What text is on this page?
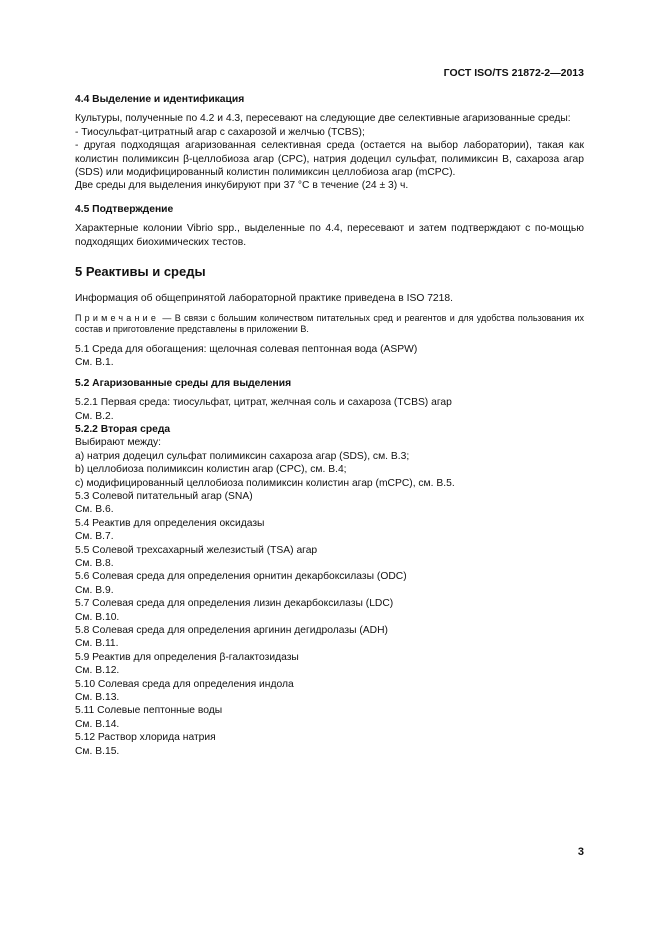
ГОСТ ISO/TS 21872-2—2013
4.4 Выделение и идентификация
Культуры, полученные по 4.2 и 4.3, пересевают на следующие две селективные агаризованные среды:
- Тиосульфат-цитратный агар с сахарозой и желчью (TCBS);
- другая подходящая агаризованная селективная среда (остается на выбор лаборатории), такая как колистин полимиксин β-целлобиоза агар (CPC), натрия додецил сульфат, полимиксин В, сахароза агар (SDS) или модифицированный колистин полимиксин целлобиоза агар (mCPC).
Две среды для выделения инкубируют при 37 °C в течение (24 ± 3) ч.
4.5 Подтверждение
Характерные колонии Vibrio spp., выделенные по 4.4, пересевают и затем подтверждают с по-мощью подходящих биохимических тестов.
5 Реактивы и среды
Информация об общепринятой лабораторной практике приведена в ISO 7218.
Примечание — В связи с большим количеством питательных сред и реагентов и для удобства пользования их состав и приготовление представлены в приложении В.
5.1 Среда для обогащения: щелочная солевая пептонная вода (ASPW)
См. В.1.
5.2 Агаризованные среды для выделения
5.2.1 Первая среда: тиосульфат, цитрат, желчная соль и сахароза (TCBS) агар
См. В.2.
5.2.2 Вторая среда
Выбирают между:
а) натрия додецил сульфат полимиксин сахароза агар (SDS), см. В.3;
b) целлобиоза полимиксин колистин агар (CPC), см. В.4;
с) модифицированный целлобиоза полимиксин колистин агар (mCPC), см. В.5.
5.3 Солевой питательный агар (SNA)
См. В.6.
5.4 Реактив для определения оксидазы
См. В.7.
5.5 Солевой трехсахарный железистый (TSA) агар
См. В.8.
5.6 Солевая среда для определения орнитин декарбоксилазы (ODC)
См. В.9.
5.7 Солевая среда для определения лизин декарбоксилазы (LDC)
См. В.10.
5.8 Солевая среда для определения аргинин дегидролазы (ADH)
См. В.11.
5.9 Реактив для определения β-галактозидазы
См. В.12.
5.10 Солевая среда для определения индола
См. В.13.
5.11 Солевые пептонные воды
См. В.14.
5.12 Раствор хлорида натрия
См. В.15.
3
